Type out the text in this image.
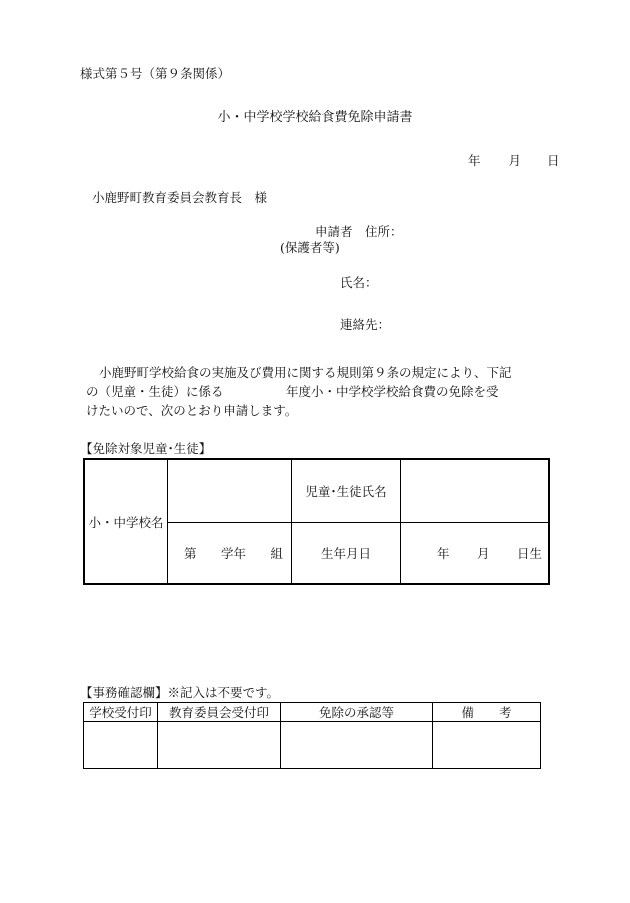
様式第５号（第９条関係）
小・中学校学校給食費免除申請書
年 月 日
小鹿野町教育委員会教育長　様
申請者　住所：
(保護者等)
氏名：
連絡先：
小鹿野町学校給食の実施及び費用に関する規則第９条の規定により、下記
の（児童・生徒）に係る　　　　　年度小・中学校学校給食費の免除を受
けたいので、次のとおり申請します。
【免除対象児童･生徒】
小・中学校名		児童･生徒氏名	

	第 学年 組	生年月日	年 月 日生
【事務確認欄】※記入は不要です。
学校受付印	教育委員会受付印	免除の承認等	備　　考
